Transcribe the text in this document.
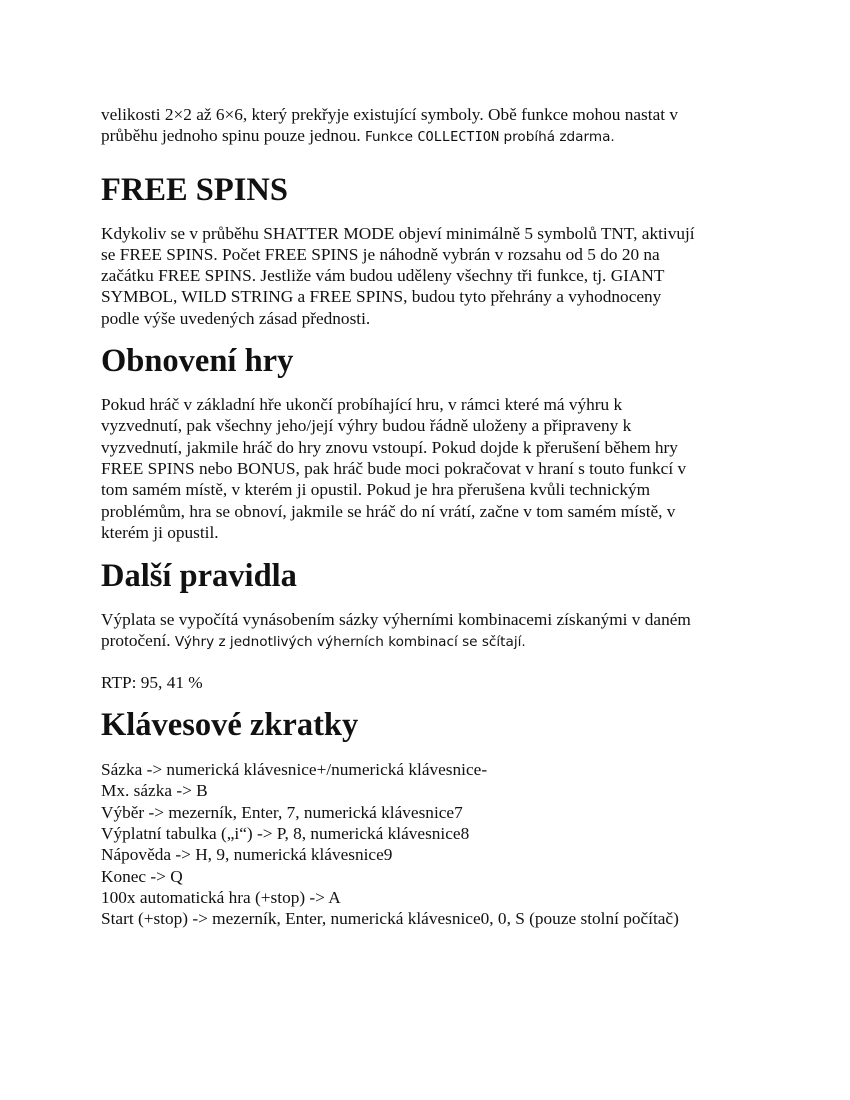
velikosti 2×2 až 6×6, který prekřyje existující symboly. Obě funkce mohou nastat v
průběhu jednoho spinu pouze jednou. Funkce COLLECTION probíhá zdarma.

FREE SPINS

Kdykoliv se v průběhu SHATTER MODE objeví minimálně 5 symbolů TNT, aktivují
se FREE SPINS. Počet FREE SPINS je náhodně vybrán v rozsahu od 5 do 20 na
začátku FREE SPINS. Jestliže vám budou uděleny všechny tři funkce, tj. GIANT
SYMBOL, WILD STRING a FREE SPINS, budou tyto přehrány a vyhodnoceny
podle výše uvedených zásad přednosti.

Obnovení hry

Pokud hráč v základní hře ukončí probíhající hru, v rámci které má výhru k
vyzvednutí, pak všechny jeho/její výhry budou řádně uloženy a připraveny k
vyzvednutí, jakmile hráč do hry znovu vstoupí. Pokud dojde k přerušení během hry
FREE SPINS nebo BONUS, pak hráč bude moci pokračovat v hraní s touto funkcí v
tom samém místě, v kterém ji opustil. Pokud je hra přerušena kvůli technickým
problémům, hra se obnoví, jakmile se hráč do ní vrátí, začne v tom samém místě, v
kterém ji opustil.

Další pravidla

Výplata se vypočítá vynásobením sázky výherními kombinacemi získanými v daném
protočení. Výhry z jednotlivých výherních kombinací se sčítají.

RTP: 95, 41 %

Klávesové zkratky
Sázka -> numerická klávesnice+/numerická klávesnice-
Mx. sázka -> B
Výběr -> mezerník, Enter, 7, numerická klávesnice7
Výplatní tabulka („i“) -> P, 8, numerická klávesnice8
Nápověda -> H, 9, numerická klávesnice9
Konec -> Q
100x automatická hra (+stop) -> A
Start (+stop) -> mezerník, Enter, numerická klávesnice0, 0, S (pouze stolní počítač)
